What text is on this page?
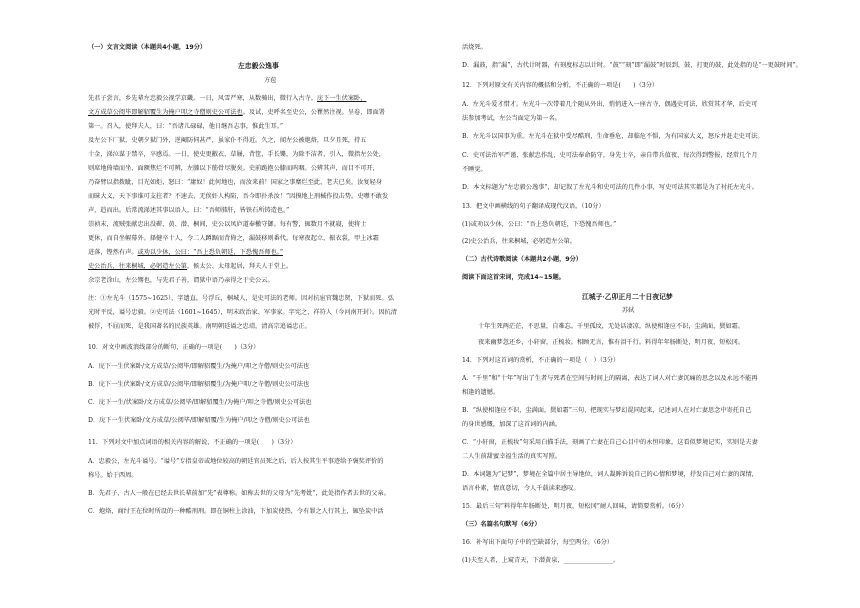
（一）文言文阅读（本题共4小题，19分）
左忠毅公逸事
方苞
先君子尝言，乡先辈左忠毅公视学京畿。一日，风雪严寒，从数骑出，微行入古寺。庑下一生伏案卧，
文方成草公阅毕即解貂覆生为掩户叩之寺僧则史公可法也。及试，吏呼名至史公，公瞿然注视。呈卷，即面署
第一。召入，使拜夫人，曰：“吾诸儿碌碌，他日继吾志事，惟此生耳。”
及左公下厂狱，史朝夕狱门外，逆阉防伺甚严，虽家仆不得近。久之，闻左公被炮烙，旦夕且死，持五
十金，涕泣谋于禁卒，卒感焉。一日，使史更敝衣，草屦，背筐，手长镵，为除不洁者，引入，微指左公处，
则席地倚墙而坐，面额焦烂不可辨，左膝以下筋骨尽脱矣。史前跪抱公膝而呜咽。公辨其声，而目不可开，
乃奋臂以指拨眦，目光如炬，怒曰：“庸奴！此何地也，而汝来前！国家之事糜烂至此，老夫已矣，汝复轻身
而昧大义，天下事谁可支拄者？不速去，无俟奸人构陷，吾今即扑杀汝！”因摸地上刑械作投击势。史噤不敢发
声，趋而出。后常流涕述其事以语人，曰：“吾师肺肝，皆铁石所铸造也。”
崇祯末，流贼张献忠出没蕲、黄、潜、桐间，史公以凤庐道奉檄守御。每有警，辄数月不就寝，使将士
更休，而自坐幄幕外。择健卒十人，令二人蹲踞而背倚之，漏鼓移则番代。每寒夜起立，振衣裳，甲上冰霜
迸落，铿然有声。或劝以少休，公曰：“吾上恐负朝廷，下恐愧吾师也。”
史公治兵，往来桐城，必躬造左公第，候太公、太母起居，拜夫人于堂上。
余宗老涂山，左公甥也，与先君子善，谓狱中语乃亲得之于史公云。
注：①左光斗（1575~1625），字遗直，号浮丘，桐城人，是史可法的老师。因对抗宦官魏忠贤，下狱而死。弘
光时平反，谥号忠毅。②史可法（1601~1645），明末政治家、军事家。字宪之，祥符人（今河南开封）。因抗清
被俘，不屈而死，是我国著名的民族英雄。南明朝廷谥之忠靖，清高宗追谥忠正。
10．对文中画波浪线部分的断句，正确的一项是(　　)（3分）
A．庑下一生伏案卧/文方成草/公阅毕/即解貂覆生/为掩户/叩之寺僧/则史公可法也
B．庑下一生伏案卧/文方成草/公阅毕/即解貂覆生/为掩户叩/之寺僧/则史公可法也
C．庑下一生/伏案卧/文方成草/公阅毕/即解貂覆生/为掩户/叩之寺僧/则史公可法也
D．庑下一生伏案卧/文方成草/公阅毕/即解貂覆/生为掩户/叩之寺僧/则史公可法也
11．下列对文中加点词语的相关内容的解说，不正确的一项是(　　)（3分）
A．忠毅公，左光斗谥号。“谥号”专指皇帝或地位较高的朝廷官员死之后，后人按其生平事迹给予褒奖评价的
称号。始于西周。
B．先君子，古人一般在已经去世长辈前加“先”表尊称。如称去世的父母为“先考妣”，此处指作者去世的父亲。
C．炮烙，商纣王在位时所设的一种酷刑刑。即在铜柱上涂油，下加炭使热，令有罪之人行其上，辄坠炭中活
活烧死。
D．漏鼓，指“漏”，古代计时器，有刻度标志以计时。“鼓”“刻”即“漏鼓”时辰到，鼓，打更的鼓，此处指的是“一更鼓时间”。
12．下列对原文有关内容的概括和分析，不正确的一项是(　　)（3分）
A．左光斗爱才惜才。左光斗一次带着几个随从外出，悄悄进入一座古寺，偶遇史可法，欣赏其才华，后史可
法参加考试，左公当面定为第一名。
B．左光斗以国事为重。左光斗在狱中受尽酷刑，生命垂危，却临危不惧，为有国家大义，怒斥并赶走史可法。
C．史可法治军严谨、张献忠作乱，史可法奉命防守，身先士卒，亲自带兵值夜，每次得到警报，经常几个月
不睡觉。
D．本文标题为“左忠毅公逸事”，却记叙了左光斗和史可法的几件小事，写史可法其实都是为了衬托左光斗。
13．把文中画横线的句子翻译成现代汉语。（10分）
(1)或劝以少休，公曰：“吾上恐负朝廷，下恐愧吾师也。”
(2)史公治兵，往来桐城，必躬造左公第。
（二）古代诗歌阅读（本题共2小题，9分）
阅读下面这首宋词，完成14~15题。
江城子·乙卯正月二十日夜记梦
苏轼
十年生死两茫茫，不思量，自难忘。千里孤坟，无处话凄凉。纵使相逢应不识，尘满面，鬓如霜。
夜来幽梦忽还乡，小轩窗，正梳妆。相顾无言，惟有泪千行。料得年年肠断处，明月夜，短松冈。
14．下列对这首词的赏析，不正确的一项是（　）（3分）
A．“千里”和“十年”写出了生者与死者在空间与时间上的隔离，表达了词人对亡妻沉痛的思念以及永远不能再
相逢的遗憾。
B．“纵使相逢应不识，尘满面，鬓如霜”三句，把现实与梦幻混同起来，记述词人在对亡妻思念中寄托自己
的身世感慨，加深了这首词的内涵。
C．“小轩窗，正梳妆”句采用白描手法，刻画了亡妻在自己心目中的永恒印象。这看似梦境记实，实则是夫妻
二人生前甜蜜幸福生活的真实写照。
D．本词题为“记梦”，梦境在全篇中居主导地位，词人凝眸诉说自己的心情和梦境，抒发自己对亡妻的深情，
语言朴素，情真意切，令人千载读来感叹。
15．最后三句“料得年年肠断处，明月夜，短松冈”耐人回味，请简要赏析。（6分）
（三）名篇名句默写（6分）
16．补写出下面句子中的空缺部分，每空两分。（6分）
(1)夫至人者，上窥青天，下潜黄泉，________________。
